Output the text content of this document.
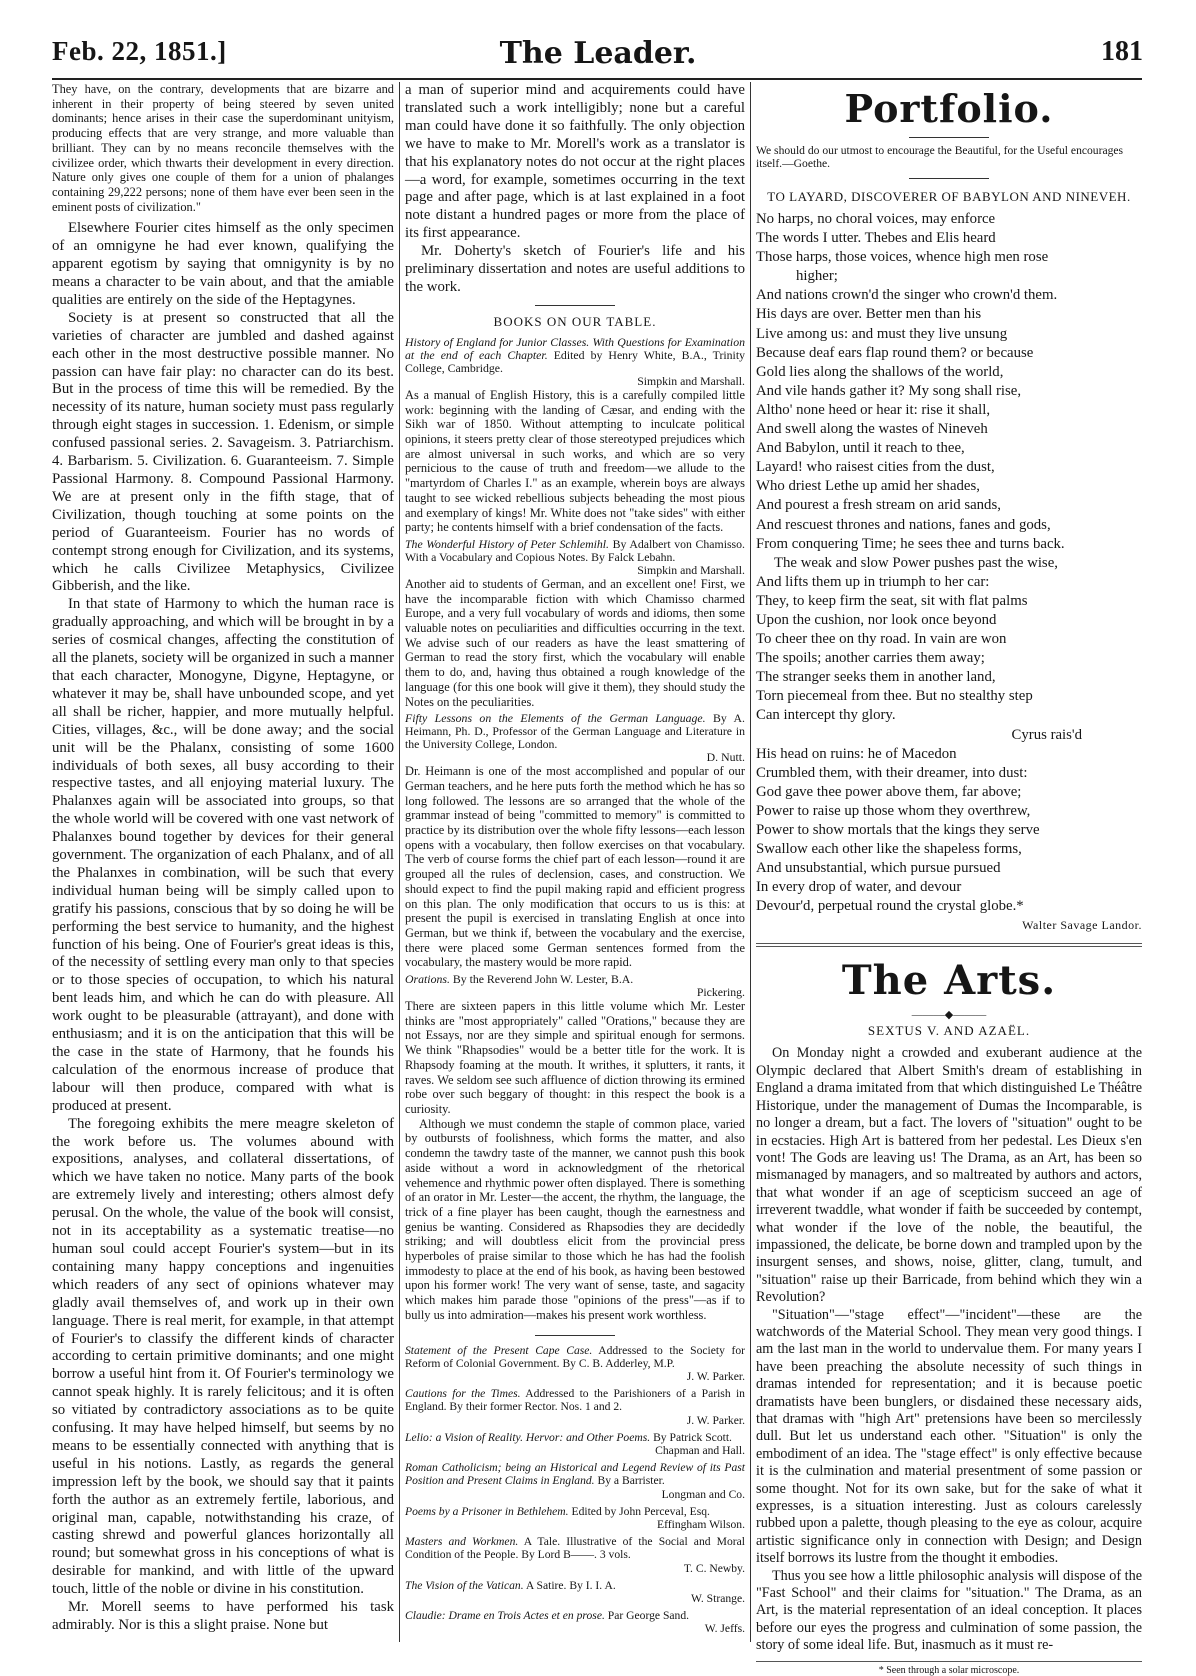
Feb. 22, 1851.]	The Leader.	181

They have, on the contrary, developments that are bizarre and inherent in their property of being steered by seven united dominants; hence arises in their case the superdominant unityism, producing effects that are very strange, and more valuable than brilliant. They can by no means reconcile themselves with the civilizee order, which thwarts their development in every direction. Nature only gives one couple of them for a union of phalanges containing 29,222 persons; none of them have ever been seen in the eminent posts of civilization."

Elsewhere Fourier cites himself as the only specimen of an omnigyne he had ever known, qualifying the apparent egotism by saying that omnigynity is by no means a character to be vain about, and that the amiable qualities are entirely on the side of the Heptagynes.

Society is at present so constructed that all the varieties of character are jumbled and dashed against each other in the most destructive possible manner. No passion can have fair play: no character can do its best. But in the process of time this will be remedied. By the necessity of its nature, human society must pass regularly through eight stages in succession. 1. Edenism, or simple confused passional series. 2. Savageism. 3. Patriarchism. 4. Barbarism. 5. Civilization. 6. Guaranteeism. 7. Simple Passional Harmony. 8. Compound Passional Harmony. We are at present only in the fifth stage, that of Civilization, though touching at some points on the period of Guaranteeism. Fourier has no words of contempt strong enough for Civilization, and its systems, which he calls Civilizee Metaphysics, Civilizee Gibberish, and the like.

In that state of Harmony to which the human race is gradually approaching, and which will be brought in by a series of cosmical changes, affecting the constitution of all the planets, society will be organized in such a manner that each character, Monogyne, Digyne, Heptagyne, or whatever it may be, shall have unbounded scope, and yet all shall be richer, happier, and more mutually helpful. Cities, villages, &c., will be done away; and the social unit will be the Phalanx, consisting of some 1600 individuals of both sexes, all busy according to their respective tastes, and all enjoying material luxury. The Phalanxes again will be associated into groups, so that the whole world will be covered with one vast network of Phalanxes bound together by devices for their general government. The organization of each Phalanx, and of all the Phalanxes in combination, will be such that every individual human being will be simply called upon to gratify his passions, conscious that by so doing he will be performing the best service to humanity, and the highest function of his being. One of Fourier's great ideas is this, of the necessity of settling every man only to that species or to those species of occupation, to which his natural bent leads him, and which he can do with pleasure. All work ought to be pleasurable (attrayant), and done with enthusiasm; and it is on the anticipation that this will be the case in the state of Harmony, that he founds his calculation of the enormous increase of produce that labour will then produce, compared with what is produced at present.

The foregoing exhibits the mere meagre skeleton of the work before us. The volumes abound with expositions, analyses, and collateral dissertations, of which we have taken no notice. Many parts of the book are extremely lively and interesting; others almost defy perusal. On the whole, the value of the book will consist, not in its acceptability as a systematic treatise—no human soul could accept Fourier's system—but in its containing many happy conceptions and ingenuities which readers of any sect of opinions whatever may gladly avail themselves of, and work up in their own language. There is real merit, for example, in that attempt of Fourier's to classify the different kinds of character according to certain primitive dominants; and one might borrow a useful hint from it. Of Fourier's terminology we cannot speak highly. It is rarely felicitous; and it is often so vitiated by contradictory associations as to be quite confusing. It may have helped himself, but seems by no means to be essentially connected with anything that is useful in his notions. Lastly, as regards the general impression left by the book, we should say that it paints forth the author as an extremely fertile, laborious, and original man, capable, notwithstanding his craze, of casting shrewd and powerful glances horizontally all round; but somewhat gross in his conceptions of what is desirable for mankind, and with little of the upward touch, little of the noble or divine in his constitution.

Mr. Morell seems to have performed his task admirably. Nor is this a slight praise. None but

a man of superior mind and acquirements could have translated such a work intelligibly; none but a careful man could have done it so faithfully. The only objection we have to make to Mr. Morell's work as a translator is that his explanatory notes do not occur at the right places—a word, for example, sometimes occurring in the text page and after page, which is at last explained in a foot note distant a hundred pages or more from the place of its first appearance.

Mr. Doherty's sketch of Fourier's life and his preliminary dissertation and notes are useful additions to the work.

BOOKS ON OUR TABLE.
History of England for Junior Classes. With Questions for Examination at the end of each Chapter. Edited by Henry White, B.A., Trinity College, Cambridge.
Simpkin and Marshall.

As a manual of English History, this is a carefully compiled little work: beginning with the landing of Cæsar, and ending with the Sikh war of 1850. Without attempting to inculcate political opinions, it steers pretty clear of those stereotyped prejudices which are almost universal in such works, and which are so very pernicious to the cause of truth and freedom—we allude to the "martyrdom of Charles I." as an example, wherein boys are always taught to see wicked rebellious subjects beheading the most pious and exemplary of kings! Mr. White does not "take sides" with either party; he contents himself with a brief condensation of the facts.

The Wonderful History of Peter Schlemihl. By Adalbert von Chamisso. With a Vocabulary and Copious Notes. By Falck Lebahn.
Simpkin and Marshall.

Another aid to students of German, and an excellent one! First, we have the incomparable fiction with which Chamisso charmed Europe, and a very full vocabulary of words and idioms, then some valuable notes on peculiarities and difficulties occurring in the text. We advise such of our readers as have the least smattering of German to read the story first, which the vocabulary will enable them to do, and, having thus obtained a rough knowledge of the language (for this one book will give it them), they should study the Notes on the peculiarities.

Fifty Lessons on the Elements of the German Language. By A. Heimann, Ph. D., Professor of the German Language and Literature in the University College, London.
D. Nutt.

Dr. Heimann is one of the most accomplished and popular of our German teachers, and he here puts forth the method which he has so long followed. The lessons are so arranged that the whole of the grammar instead of being "committed to memory" is committed to practice by its distribution over the whole fifty lessons—each lesson opens with a vocabulary, then follow exercises on that vocabulary. The verb of course forms the chief part of each lesson—round it are grouped all the rules of declension, cases, and construction. We should expect to find the pupil making rapid and efficient progress on this plan. The only modification that occurs to us is this: at present the pupil is exercised in translating English at once into German, but we think if, between the vocabulary and the exercise, there were placed some German sentences formed from the vocabulary, the mastery would be more rapid.

Orations. By the Reverend John W. Lester, B.A.
Pickering.

There are sixteen papers in this little volume which Mr. Lester thinks are "most appropriately" called "Orations," because they are not Essays, nor are they simple and spiritual enough for sermons. We think "Rhapsodies" would be a better title for the work. It is Rhapsody foaming at the mouth. It writhes, it splutters, it rants, it raves. We seldom see such affluence of diction throwing its ermined robe over such beggary of thought: in this respect the book is a curiosity.

Although we must condemn the staple of common place, varied by outbursts of foolishness, which forms the matter, and also condemn the tawdry taste of the manner, we cannot push this book aside without a word in acknowledgment of the rhetorical vehemence and rhythmic power often displayed. There is something of an orator in Mr. Lester—the accent, the rhythm, the language, the trick of a fine player has been caught, though the earnestness and genius be wanting. Considered as Rhapsodies they are decidedly striking; and will doubtless elicit from the provincial press hyperboles of praise similar to those which he has had the foolish immodesty to place at the end of his book, as having been bestowed upon his former work! The very want of sense, taste, and sagacity which makes him parade those "opinions of the press"—as if to bully us into admiration—makes his present work worthless.

Statement of the Present Cape Case. Addressed to the Society for Reform of Colonial Government. By C. B. Adderley, M.P.
J. W. Parker.
Cautions for the Times. Addressed to the Parishioners of a Parish in England. By their former Rector. Nos. 1 and 2.
J. W. Parker.
Lelio: a Vision of Reality. Hervor: and Other Poems. By Patrick Scott.
Chapman and Hall.
Roman Catholicism; being an Historical and Legend Review of its Past Position and Present Claims in England. By a Barrister.
Longman and Co.
Poems by a Prisoner in Bethlehem. Edited by John Perceval, Esq.
Effingham Wilson.
Masters and Workmen. A Tale. Illustrative of the Social and Moral Condition of the People. By Lord B——. 3 vols.
T. C. Newby.
The Vision of the Vatican. A Satire. By I. I. A.
W. Strange.
Claudie: Drame en Trois Actes et en prose. Par George Sand.
W. Jeffs.
Portfolio.

We should do our utmost to encourage the Beautiful, for the Useful encourages itself.—Goethe.

TO LAYARD, DISCOVERER OF BABYLON AND NINEVEH.
No harps, no choral voices, may enforce
The words I utter. Thebes and Elis heard
Those harps, those voices, whence high men rose
higher;
And nations crown'd the singer who crown'd them.
His days are over. Better men than his
Live among us: and must they live unsung
Because deaf ears flap round them? or because
Gold lies along the shallows of the world,
And vile hands gather it? My song shall rise,
Altho' none heed or hear it: rise it shall,
And swell along the wastes of Nineveh
And Babylon, until it reach to thee,
Layard! who raisest cities from the dust,
Who driest Lethe up amid her shades,
And pourest a fresh stream on arid sands,
And rescuest thrones and nations, fanes and gods,
From conquering Time; he sees thee and turns back.
The weak and slow Power pushes past the wise,
And lifts them up in triumph to her car:
They, to keep firm the seat, sit with flat palms
Upon the cushion, nor look once beyond
To cheer thee on thy road. In vain are won
The spoils; another carries them away;
The stranger seeks them in another land,
Torn piecemeal from thee. But no stealthy step
Can intercept thy glory.
Cyrus rais'd
His head on ruins: he of Macedon
Crumbled them, with their dreamer, into dust:
God gave thee power above them, far above;
Power to raise up those whom they overthrew,
Power to show mortals that the kings they serve
Swallow each other like the shapeless forms,
And unsubstantial, which pursue pursued
In every drop of water, and devour
Devour'd, perpetual round the crystal globe.*
Walter Savage Landor.
The Arts.
———◆———
SEXTUS V. AND AZAËL.

On Monday night a crowded and exuberant audience at the Olympic declared that Albert Smith's dream of establishing in England a drama imitated from that which distinguished Le Théâtre Historique, under the management of Dumas the Incomparable, is no longer a dream, but a fact. The lovers of "situation" ought to be in ecstacies. High Art is battered from her pedestal. Les Dieux s'en vont! The Gods are leaving us! The Drama, as an Art, has been so mismanaged by managers, and so maltreated by authors and actors, that what wonder if an age of scepticism succeed an age of irreverent twaddle, what wonder if faith be succeeded by contempt, what wonder if the love of the noble, the beautiful, the impassioned, the delicate, be borne down and trampled upon by the insurgent senses, and shows, noise, glitter, clang, tumult, and "situation" raise up their Barricade, from behind which they win a Revolution?

"Situation"—"stage effect"—"incident"—these are the watchwords of the Material School. They mean very good things. I am the last man in the world to undervalue them. For many years I have been preaching the absolute necessity of such things in dramas intended for representation; and it is because poetic dramatists have been bunglers, or disdained these necessary aids, that dramas with "high Art" pretensions have been so mercilessly dull. But let us understand each other. "Situation" is only the embodiment of an idea. The "stage effect" is only effective because it is the culmination and material presentment of some passion or some thought. Not for its own sake, but for the sake of what it expresses, is a situation interesting. Just as colours carelessly rubbed upon a palette, though pleasing to the eye as colour, acquire artistic significance only in connection with Design; and Design itself borrows its lustre from the thought it embodies.

Thus you see how a little philosophic analysis will dispose of the "Fast School" and their claims for "situation." The Drama, as an Art, is the material representation of an ideal conception. It places before our eyes the progress and culmination of some passion, the story of some ideal life. But, inasmuch as it must re-

* Seen through a solar microscope.
